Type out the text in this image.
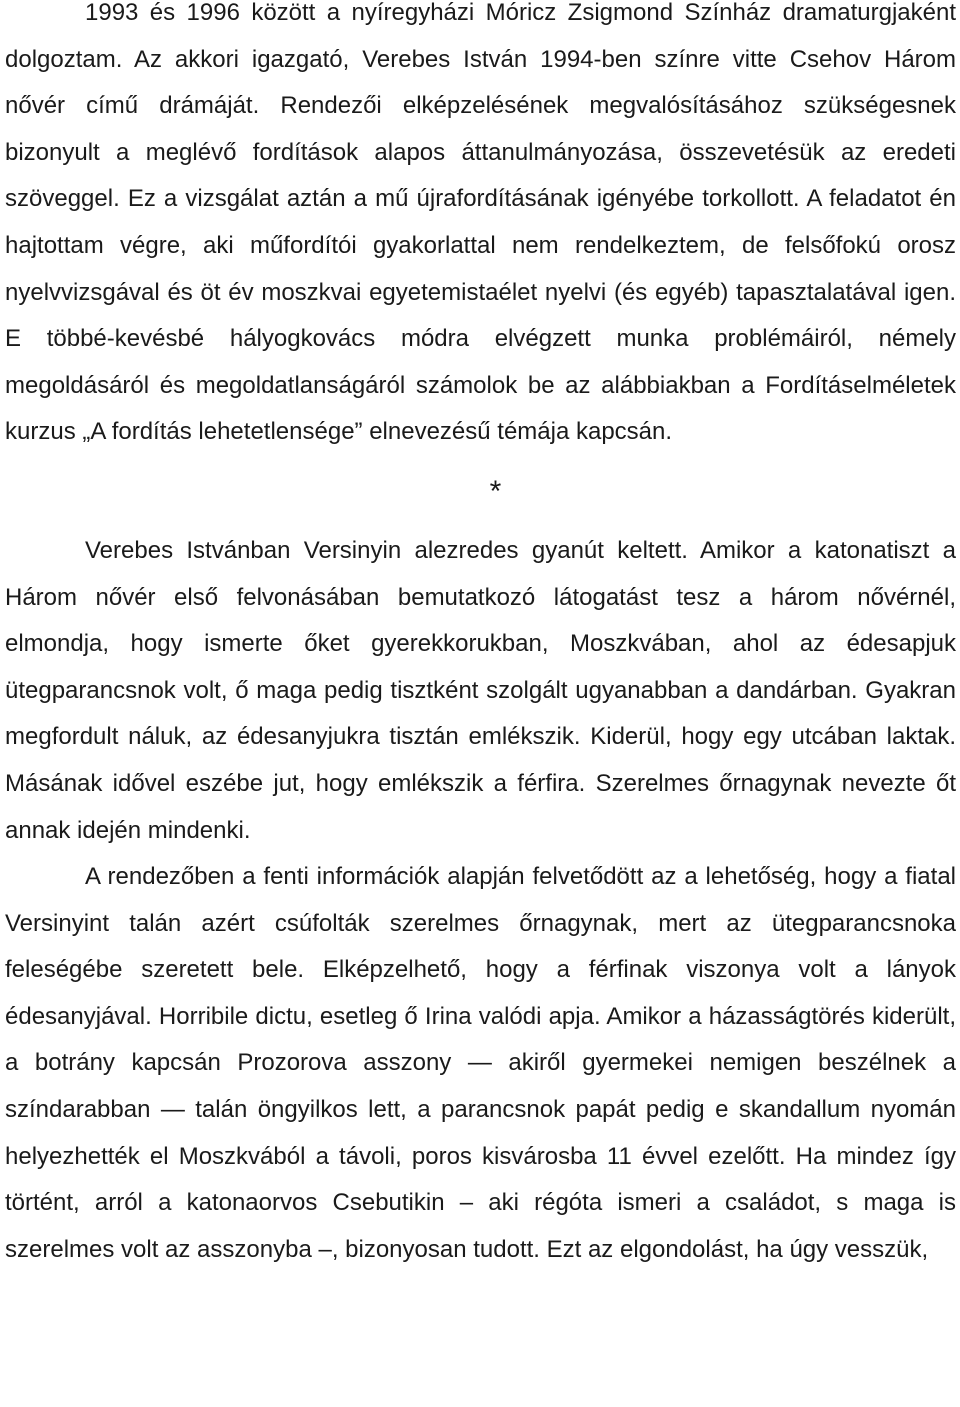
1993 és 1996 között a nyíregyházi Móricz Zsigmond Színház dramaturgjaként dolgoztam. Az akkori igazgató, Verebes István 1994-ben színre vitte Csehov Három nővér című drámáját. Rendezői elképzelésének megvalósításához szükségesnek bizonyult a meglévő fordítások alapos áttanulmányozása, összevetésük az eredeti szöveggel. Ez a vizsgálat aztán a mű újrafordításának igényébe torkollott. A feladatot én hajtottam végre, aki műfordítói gyakorlattal nem rendelkeztem, de felsőfokú orosz nyelvvizsgával és öt év moszkvai egyetemistaélet nyelvi (és egyéb) tapasztalatával igen. E többé-kevésbé hályogkovács módra elvégzett munka problémáiról, némely megoldásáról és megoldatlanságáról számolok be az alábbiakban a Fordításelméletek kurzus „A fordítás lehetetlensége” elnevezésű témája kapcsán.

*

Verebes Istvánban Versinyin alezredes gyanút keltett. Amikor a katonatiszt a Három nővér első felvonásában bemutatkozó látogatást tesz a három nővérnél, elmondja, hogy ismerte őket gyerekkorukban, Moszkvában, ahol az édesapjuk ütegparancsnok volt, ő maga pedig tisztként szolgált ugyanabban a dandárban. Gyakran megfordult náluk, az édesanyjukra tisztán emlékszik. Kiderül, hogy egy utcában laktak. Másának idővel eszébe jut, hogy emlékszik a férfira. Szerelmes őrnagynak nevezte őt annak idején mindenki.

A rendezőben a fenti információk alapján felvetődött az a lehetőség, hogy a fiatal Versinyint talán azért csúfolták szerelmes őrnagynak, mert az ütegparancsnoka feleségébe szeretett bele. Elképzelhető, hogy a férfinak viszonya volt a lányok édesanyjával. Horribile dictu, esetleg ő Irina valódi apja. Amikor a házasságtörés kiderült, a botrány kapcsán Prozorova asszony — akiről gyermekei nemigen beszélnek a színdarabban — talán öngyilkos lett, a parancsnok papát pedig e skandallum nyomán helyezhették el Moszkvából a távoli, poros kisvárosba 11 évvel ezelőtt. Ha mindez így történt, arról a katonaorvos Csebutikin – aki régóta ismeri a családot, s maga is szerelmes volt az asszonyba –, bizonyosan tudott. Ezt az elgondolást, ha úgy vesszük,
